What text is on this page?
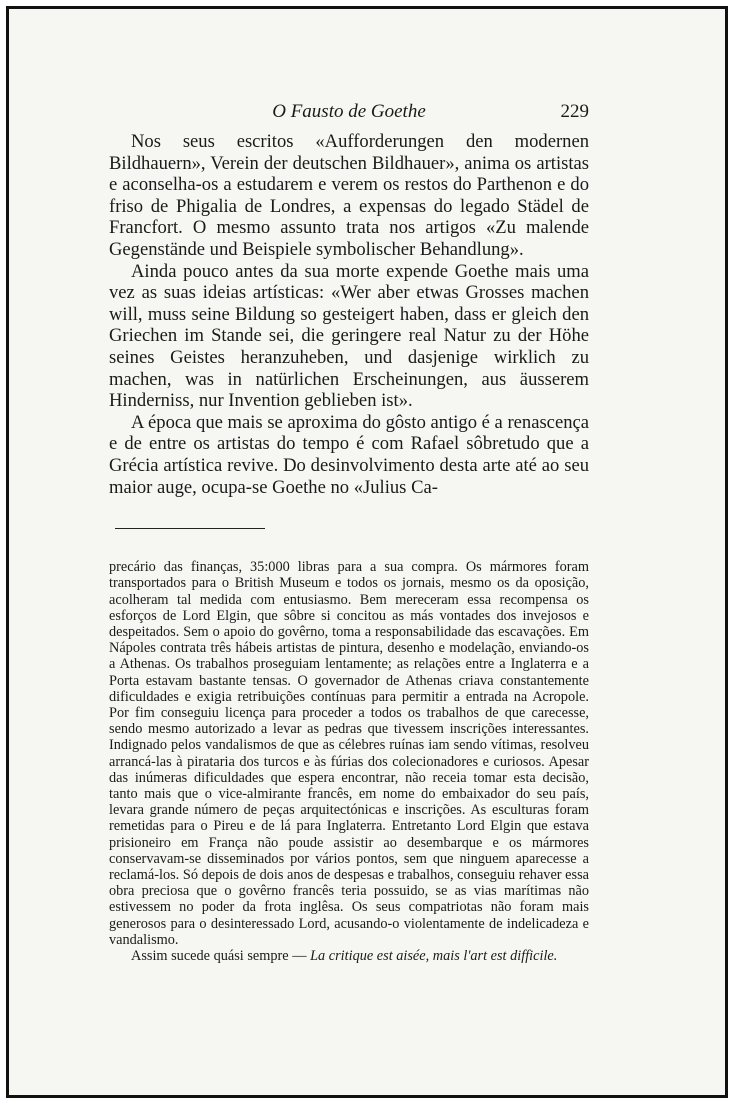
O Fausto de Goethe	229

Nos seus escritos «Aufforderungen den modernen Bildhauern», Verein der deutschen Bildhauer», anima os artistas e aconselha-os a estudarem e verem os restos do Parthenon e do friso de Phigalia de Londres, a expensas do legado Städel de Francfort. O mesmo assunto trata nos artigos «Zu malende Gegenstände und Beispiele symbolischer Behandlung».

Ainda pouco antes da sua morte expende Goethe mais uma vez as suas ideias artísticas: «Wer aber etwas Grosses machen will, muss seine Bildung so gesteigert haben, dass er gleich den Griechen im Stande sei, die geringere real Natur zu der Höhe seines Geistes heranzuheben, und dasjenige wirklich zu machen, was in natürlichen Erscheinungen, aus äusserem Hinderniss, nur Invention geblieben ist».

A época que mais se aproxima do gôsto antigo é a renascença e de entre os artistas do tempo é com Rafael sôbretudo que a Grécia artística revive. Do desinvolvimento desta arte até ao seu maior auge, ocupa-se Goethe no «Julius Ca-

precário das finanças, 35:000 libras para a sua compra. Os mármores foram transportados para o British Museum e todos os jornais, mesmo os da oposição, acolheram tal medida com entusiasmo. Bem mereceram essa recompensa os esforços de Lord Elgin, que sôbre si concitou as más vontades dos invejosos e despeitados. Sem o apoio do govêrno, toma a responsabilidade das escavações. Em Nápoles contrata três hábeis artistas de pintura, desenho e modelação, enviando-os a Athenas. Os trabalhos proseguiam lentamente; as relações entre a Inglaterra e a Porta estavam bastante tensas. O governador de Athenas criava constantemente dificuldades e exigia retribuições contínuas para permitir a entrada na Acropole. Por fim conseguiu licença para proceder a todos os trabalhos de que carecesse, sendo mesmo autorizado a levar as pedras que tivessem inscrições interessantes. Indignado pelos vandalismos de que as célebres ruínas iam sendo vítimas, resolveu arrancá-las à pirataria dos turcos e às fúrias dos colecionadores e curiosos. Apesar das inúmeras dificuldades que espera encontrar, não receia tomar esta decisão, tanto mais que o vice-almirante francês, em nome do embaixador do seu país, levara grande número de peças arquitectónicas e inscrições. As esculturas foram remetidas para o Pireu e de lá para Inglaterra. Entretanto Lord Elgin que estava prisioneiro em França não poude assistir ao desembarque e os mármores conservavam-se disseminados por vários pontos, sem que ninguem aparecesse a reclamá-los. Só depois de dois anos de despesas e trabalhos, conseguiu rehaver essa obra preciosa que o govêrno francês teria possuido, se as vias marítimas não estivessem no poder da frota inglêsa. Os seus compatriotas não foram mais generosos para o desinteressado Lord, acusando-o violentamente de indelicadeza e vandalismo.

Assim sucede quási sempre — La critique est aisée, mais l'art est difficile.
